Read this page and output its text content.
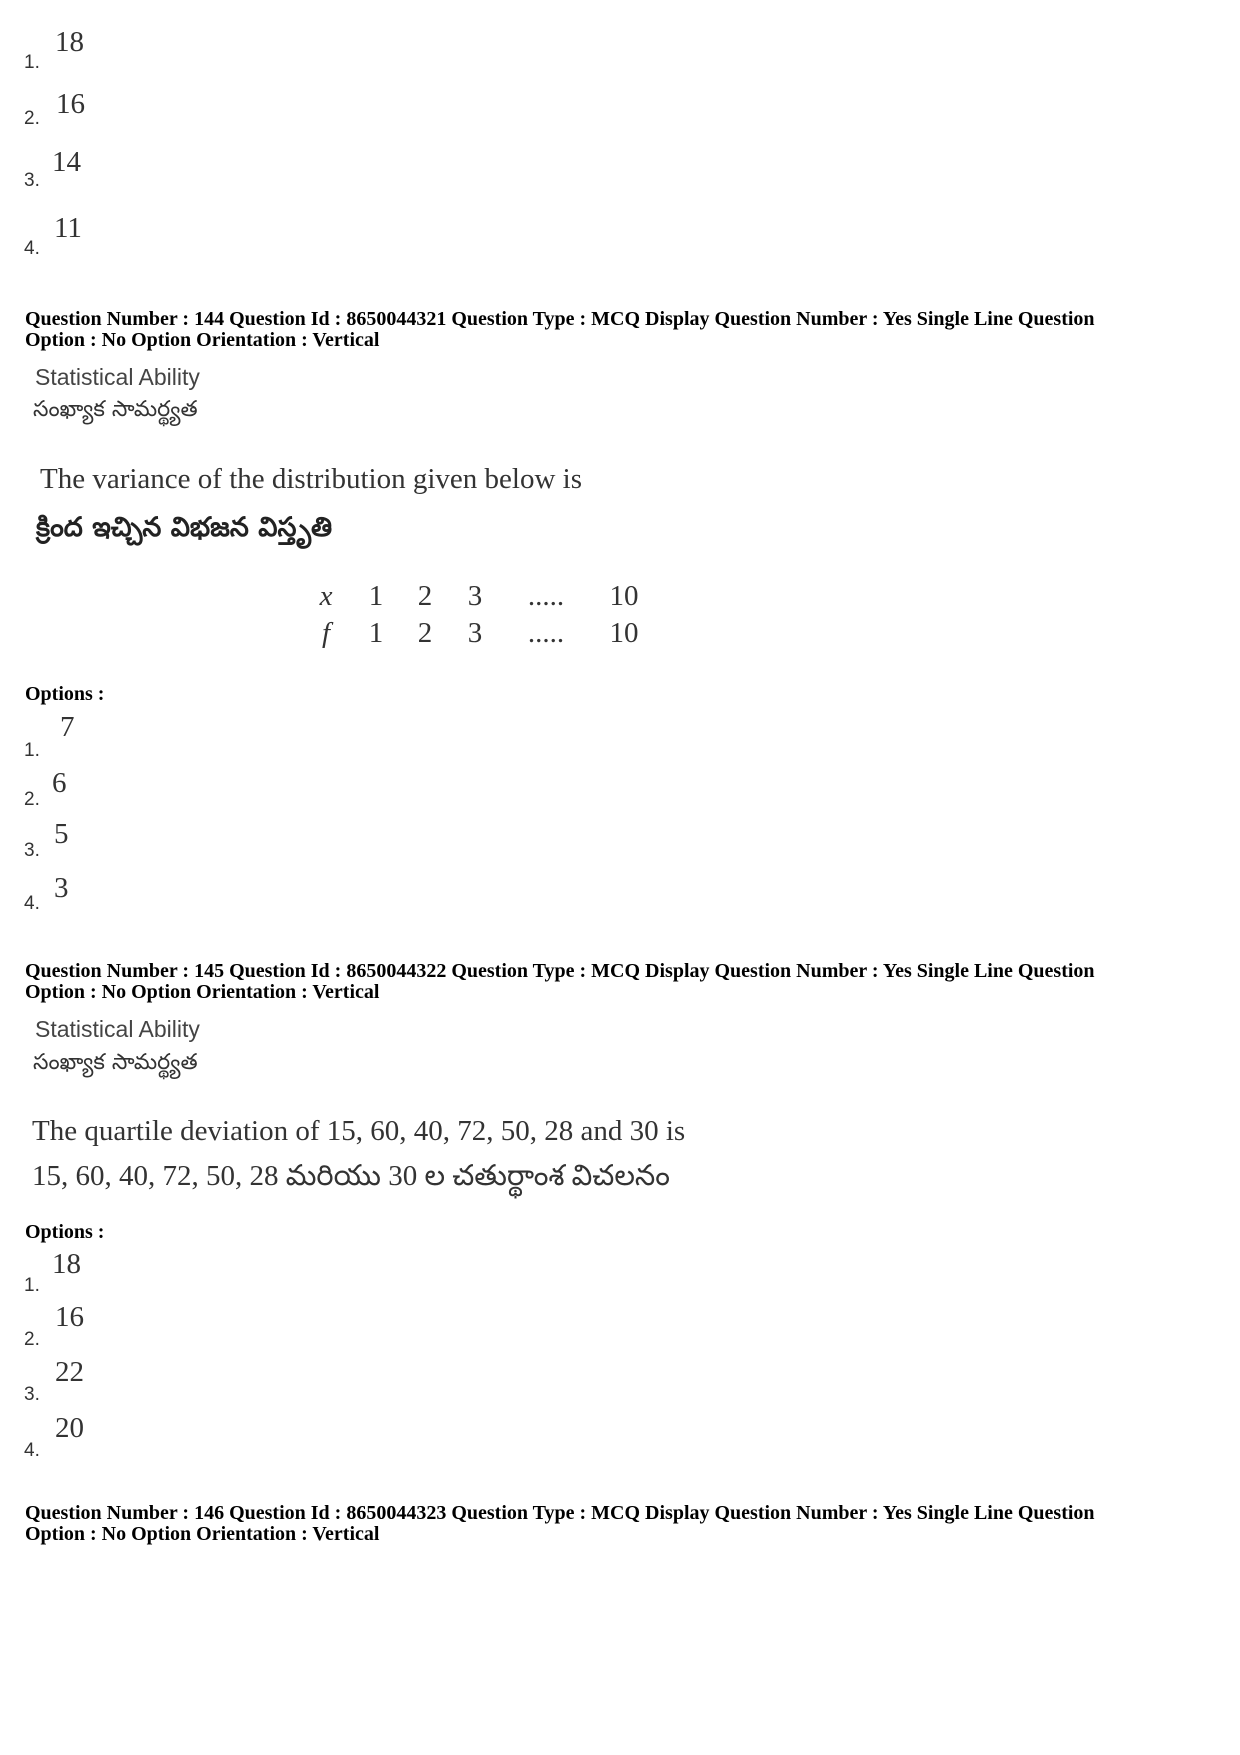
1.
18
2. 16
3.
14
4.
11
Question Number : 144 Question Id : 8650044321 Question Type : MCQ Display Question Number : Yes Single Line Question
Option : No Option Orientation : Vertical
Statistical Ability
సంఖ్యాక సామర్థ్యత
The variance of the distribution given below is
క్రింద ఇచ్చిన విభజన విస్తృతి
x	1	2	3	.....	10
f	1	2	3	.....	10
Options :
1.
7
2.
6
3.
5
4. 3
Question Number : 145 Question Id : 8650044322 Question Type : MCQ Display Question Number : Yes Single Line Question
Option : No Option Orientation : Vertical
Statistical Ability
సంఖ్యాక సామర్థ్యత
The quartile deviation of 15, 60, 40, 72, 50, 28 and 30 is
15, 60, 40, 72, 50, 28 మరియు 30 ల చతుర్థాంశ విచలనం
Options :
1.
18
2.
16
3.
22
4.
20
Question Number : 146 Question Id : 8650044323 Question Type : MCQ Display Question Number : Yes Single Line Question
Option : No Option Orientation : Vertical
